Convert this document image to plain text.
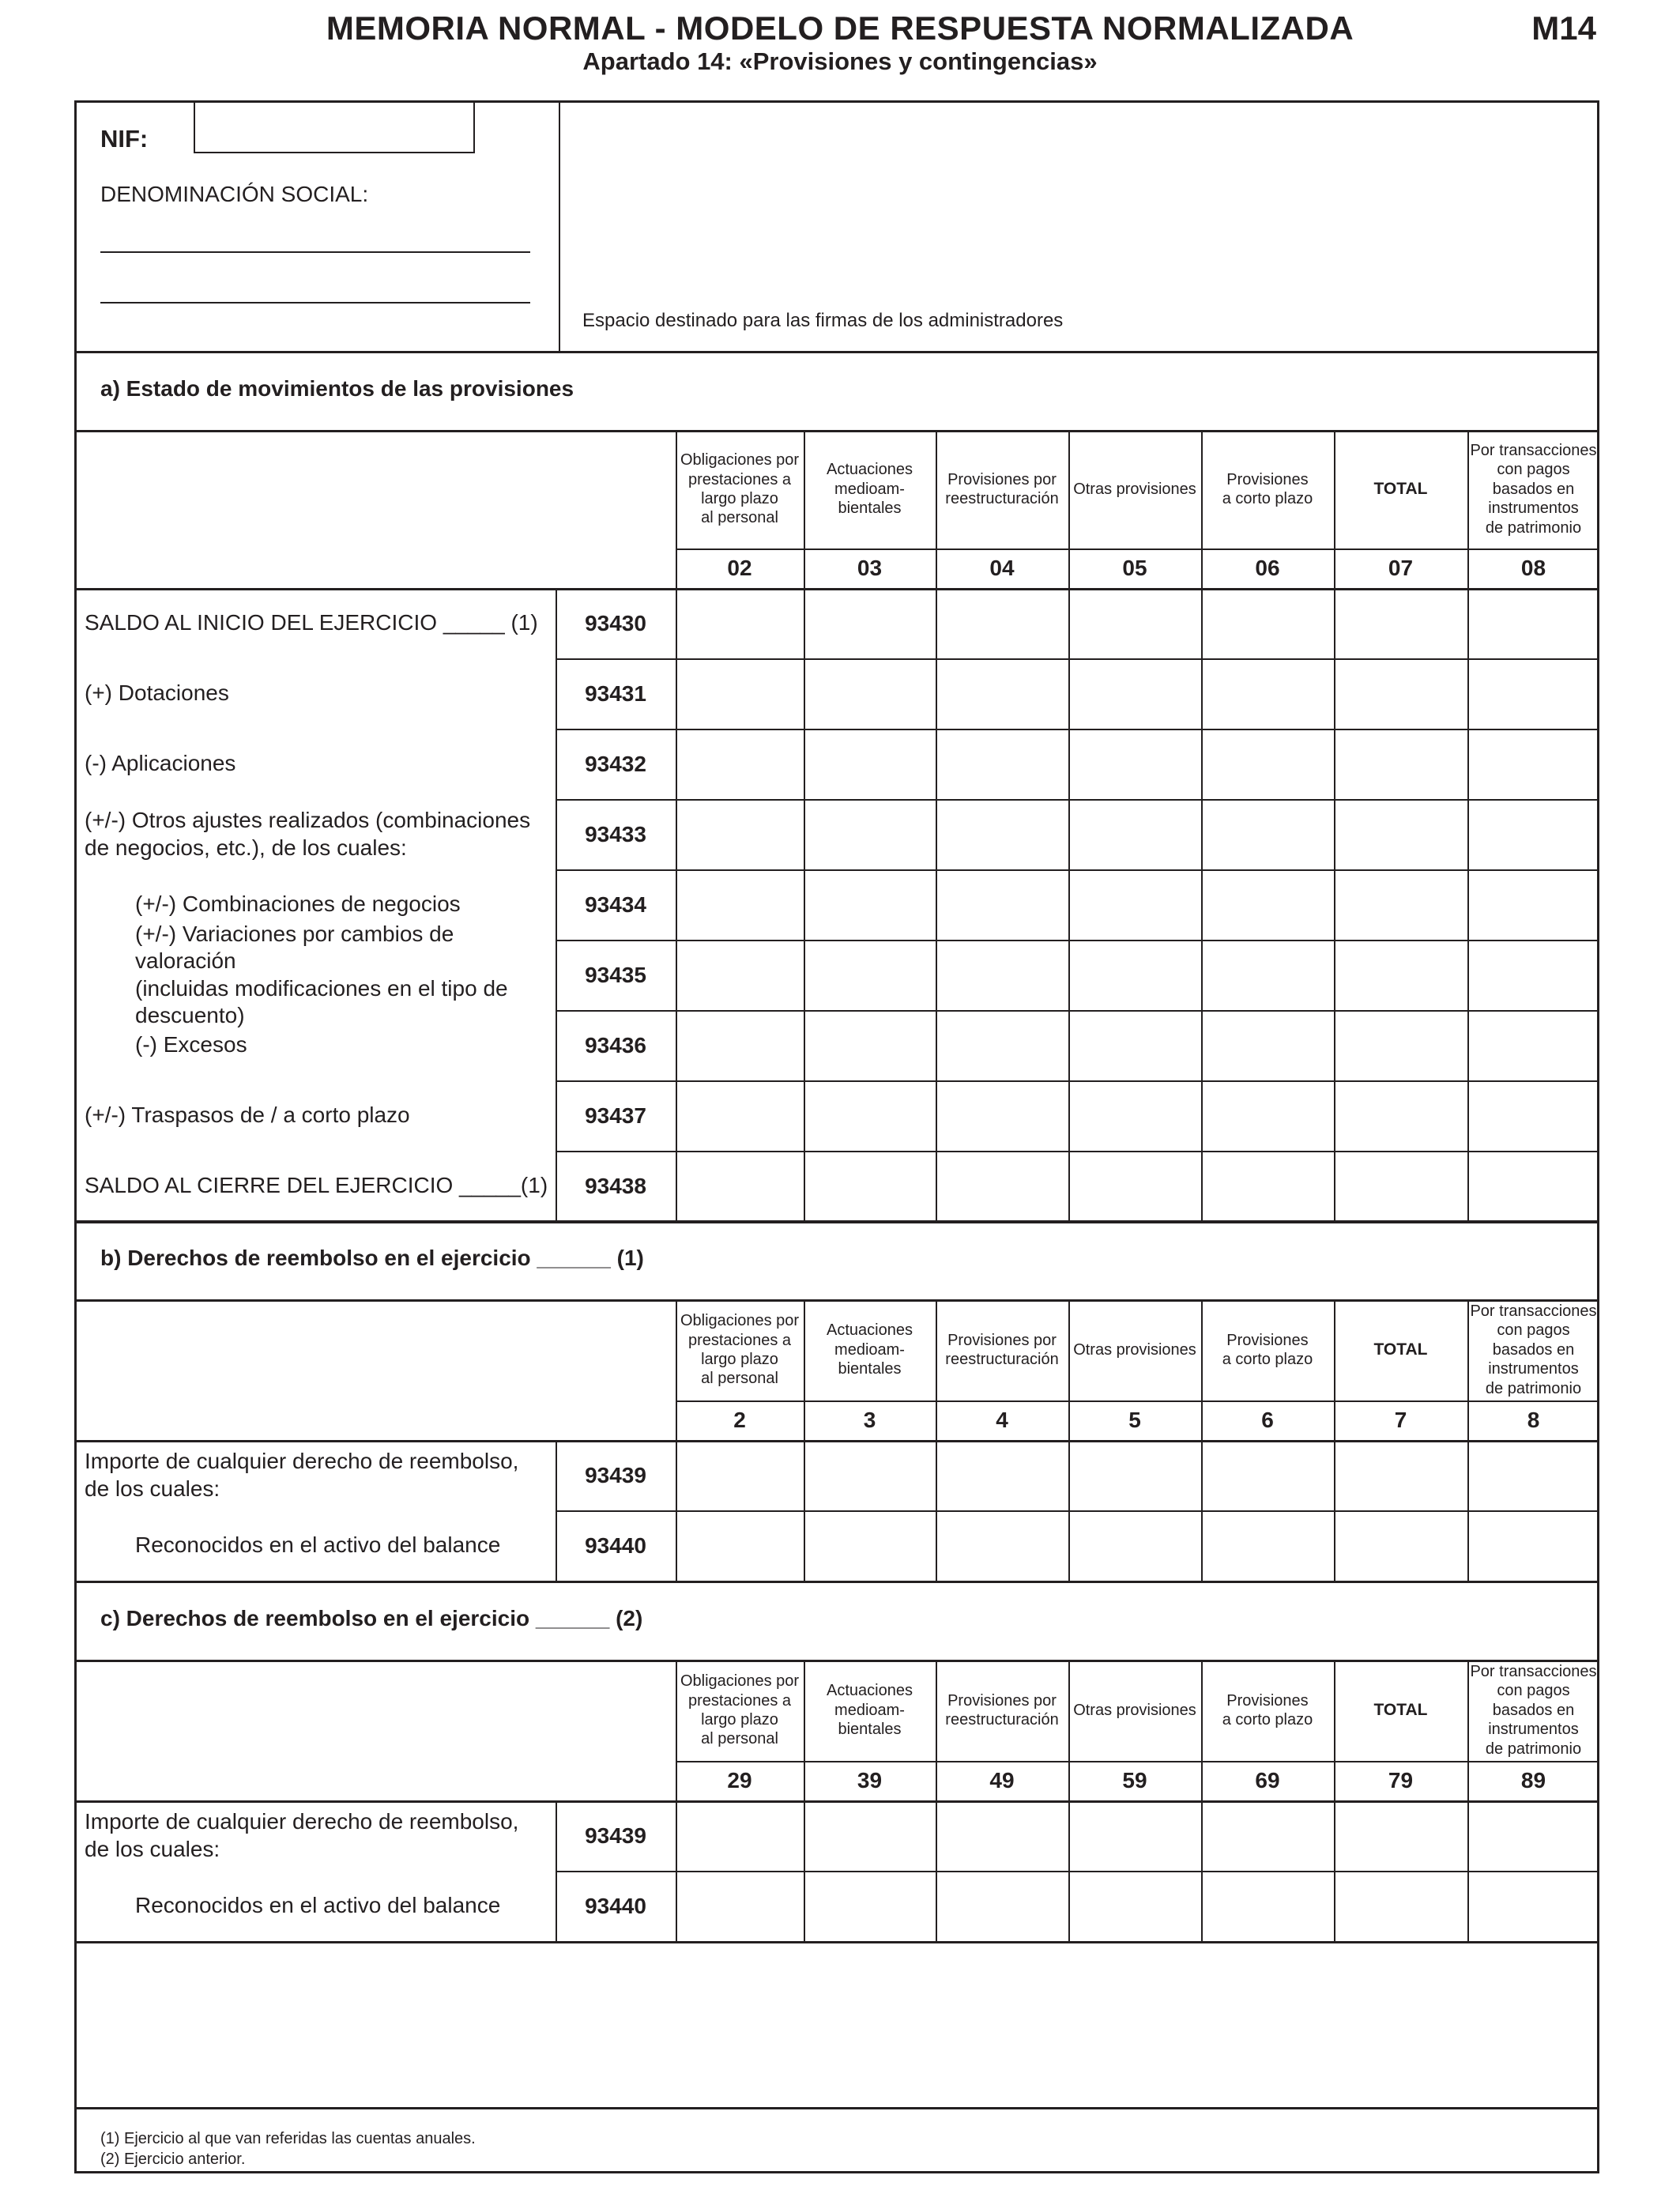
MEMORIA NORMAL - MODELO DE RESPUESTA NORMALIZADA	M14
Apartado 14: «Provisiones y contingencias»
NIF:
DENOMINACIÓN SOCIAL:
Espacio destinado para las firmas de los administradores
a) Estado de movimientos de las provisiones
Obligaciones por
prestaciones a
largo plazo
al personal
02
Actuaciones
medioam-
bientales
03
Provisiones por
reestructuración
04
Otras provisiones
05
Provisiones
a corto plazo
06
TOTAL
07
Por transacciones
con pagos
basados en
instrumentos
de patrimonio
08
SALDO AL INICIO DEL EJERCICIO _____ (1)	93430
(+) Dotaciones	93431
(-) Aplicaciones	93432
(+/-) Otros ajustes realizados (combinaciones
de negocios, etc.), de los cuales:
93433
(+/-) Combinaciones de negocios	93434
(+/-) Variaciones por cambios de valoración
(incluidas modificaciones en el tipo de
descuento)
93435
(-) Excesos	93436
(+/-) Traspasos de / a corto plazo	93437
SALDO AL CIERRE DEL EJERCICIO _____(1)	93438
b) Derechos de reembolso en el ejercicio ______ (1)
Obligaciones por
prestaciones a
largo plazo
al personal
2
Actuaciones
medioam-
bientales
3
Provisiones por
reestructuración
4
Otras provisiones
5
Provisiones
a corto plazo
6
TOTAL
7
Por transacciones
con pagos
basados en
instrumentos
de patrimonio
8
Importe de cualquier derecho de reembolso,
de los cuales:
93439
Reconocidos en el activo del balance	93440
c) Derechos de reembolso en el ejercicio ______ (2)
Obligaciones por
prestaciones a
largo plazo
al personal
29
Actuaciones
medioam-
bientales
39
Provisiones por
reestructuración
49
Otras provisiones
59
Provisiones
a corto plazo
69
TOTAL
79
Por transacciones
con pagos
basados en
instrumentos
de patrimonio
89
Importe de cualquier derecho de reembolso,
de los cuales:
93439
Reconocidos en el activo del balance	93440
(1) Ejercicio al que van referidas las cuentas anuales.
(2) Ejercicio anterior.
